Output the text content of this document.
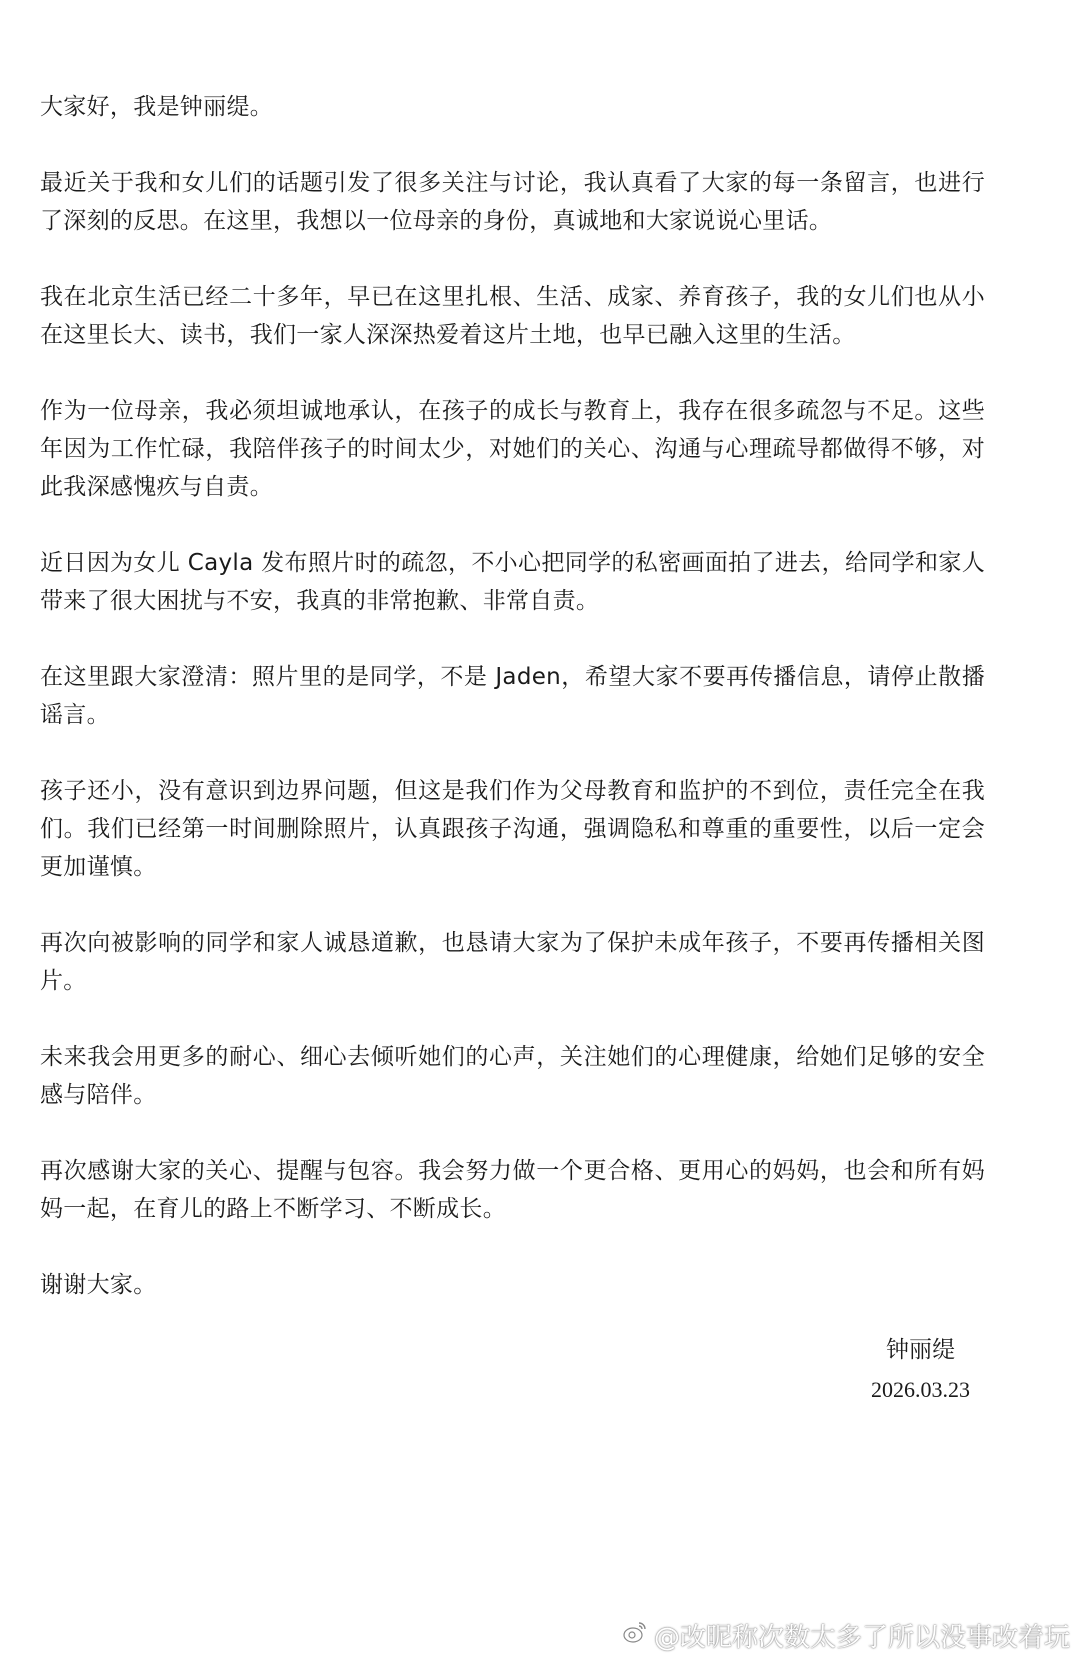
大家好，我是钟丽缇。

最近关于我和女儿们的话题引发了很多关注与讨论，我认真看了大家的每一条留言，也进行了深刻的反思。在这里，我想以一位母亲的身份，真诚地和大家说说心里话。

我在北京生活已经二十多年，早已在这里扎根、生活、成家、养育孩子，我的女儿们也从小在这里长大、读书，我们一家人深深热爱着这片土地，也早已融入这里的生活。

作为一位母亲，我必须坦诚地承认，在孩子的成长与教育上，我存在很多疏忽与不足。这些年因为工作忙碌，我陪伴孩子的时间太少，对她们的关心、沟通与心理疏导都做得不够，对此我深感愧疚与自责。

近日因为女儿 Cayla 发布照片时的疏忽，不小心把同学的私密画面拍了进去，给同学和家人带来了很大困扰与不安，我真的非常抱歉、非常自责。

在这里跟大家澄清：照片里的是同学，不是 Jaden，希望大家不要再传播信息，请停止散播谣言。

孩子还小，没有意识到边界问题，但这是我们作为父母教育和监护的不到位，责任完全在我们。我们已经第一时间删除照片，认真跟孩子沟通，强调隐私和尊重的重要性，以后一定会更加谨慎。

再次向被影响的同学和家人诚恳道歉，也恳请大家为了保护未成年孩子，不要再传播相关图片。

未来我会用更多的耐心、细心去倾听她们的心声，关注她们的心理健康，给她们足够的安全感与陪伴。

再次感谢大家的关心、提醒与包容。我会努力做一个更合格、更用心的妈妈，也会和所有妈妈一起，在育儿的路上不断学习、不断成长。

谢谢大家。

钟丽缇
2026.03.23
@改昵称次数太多了所以没事改着玩
